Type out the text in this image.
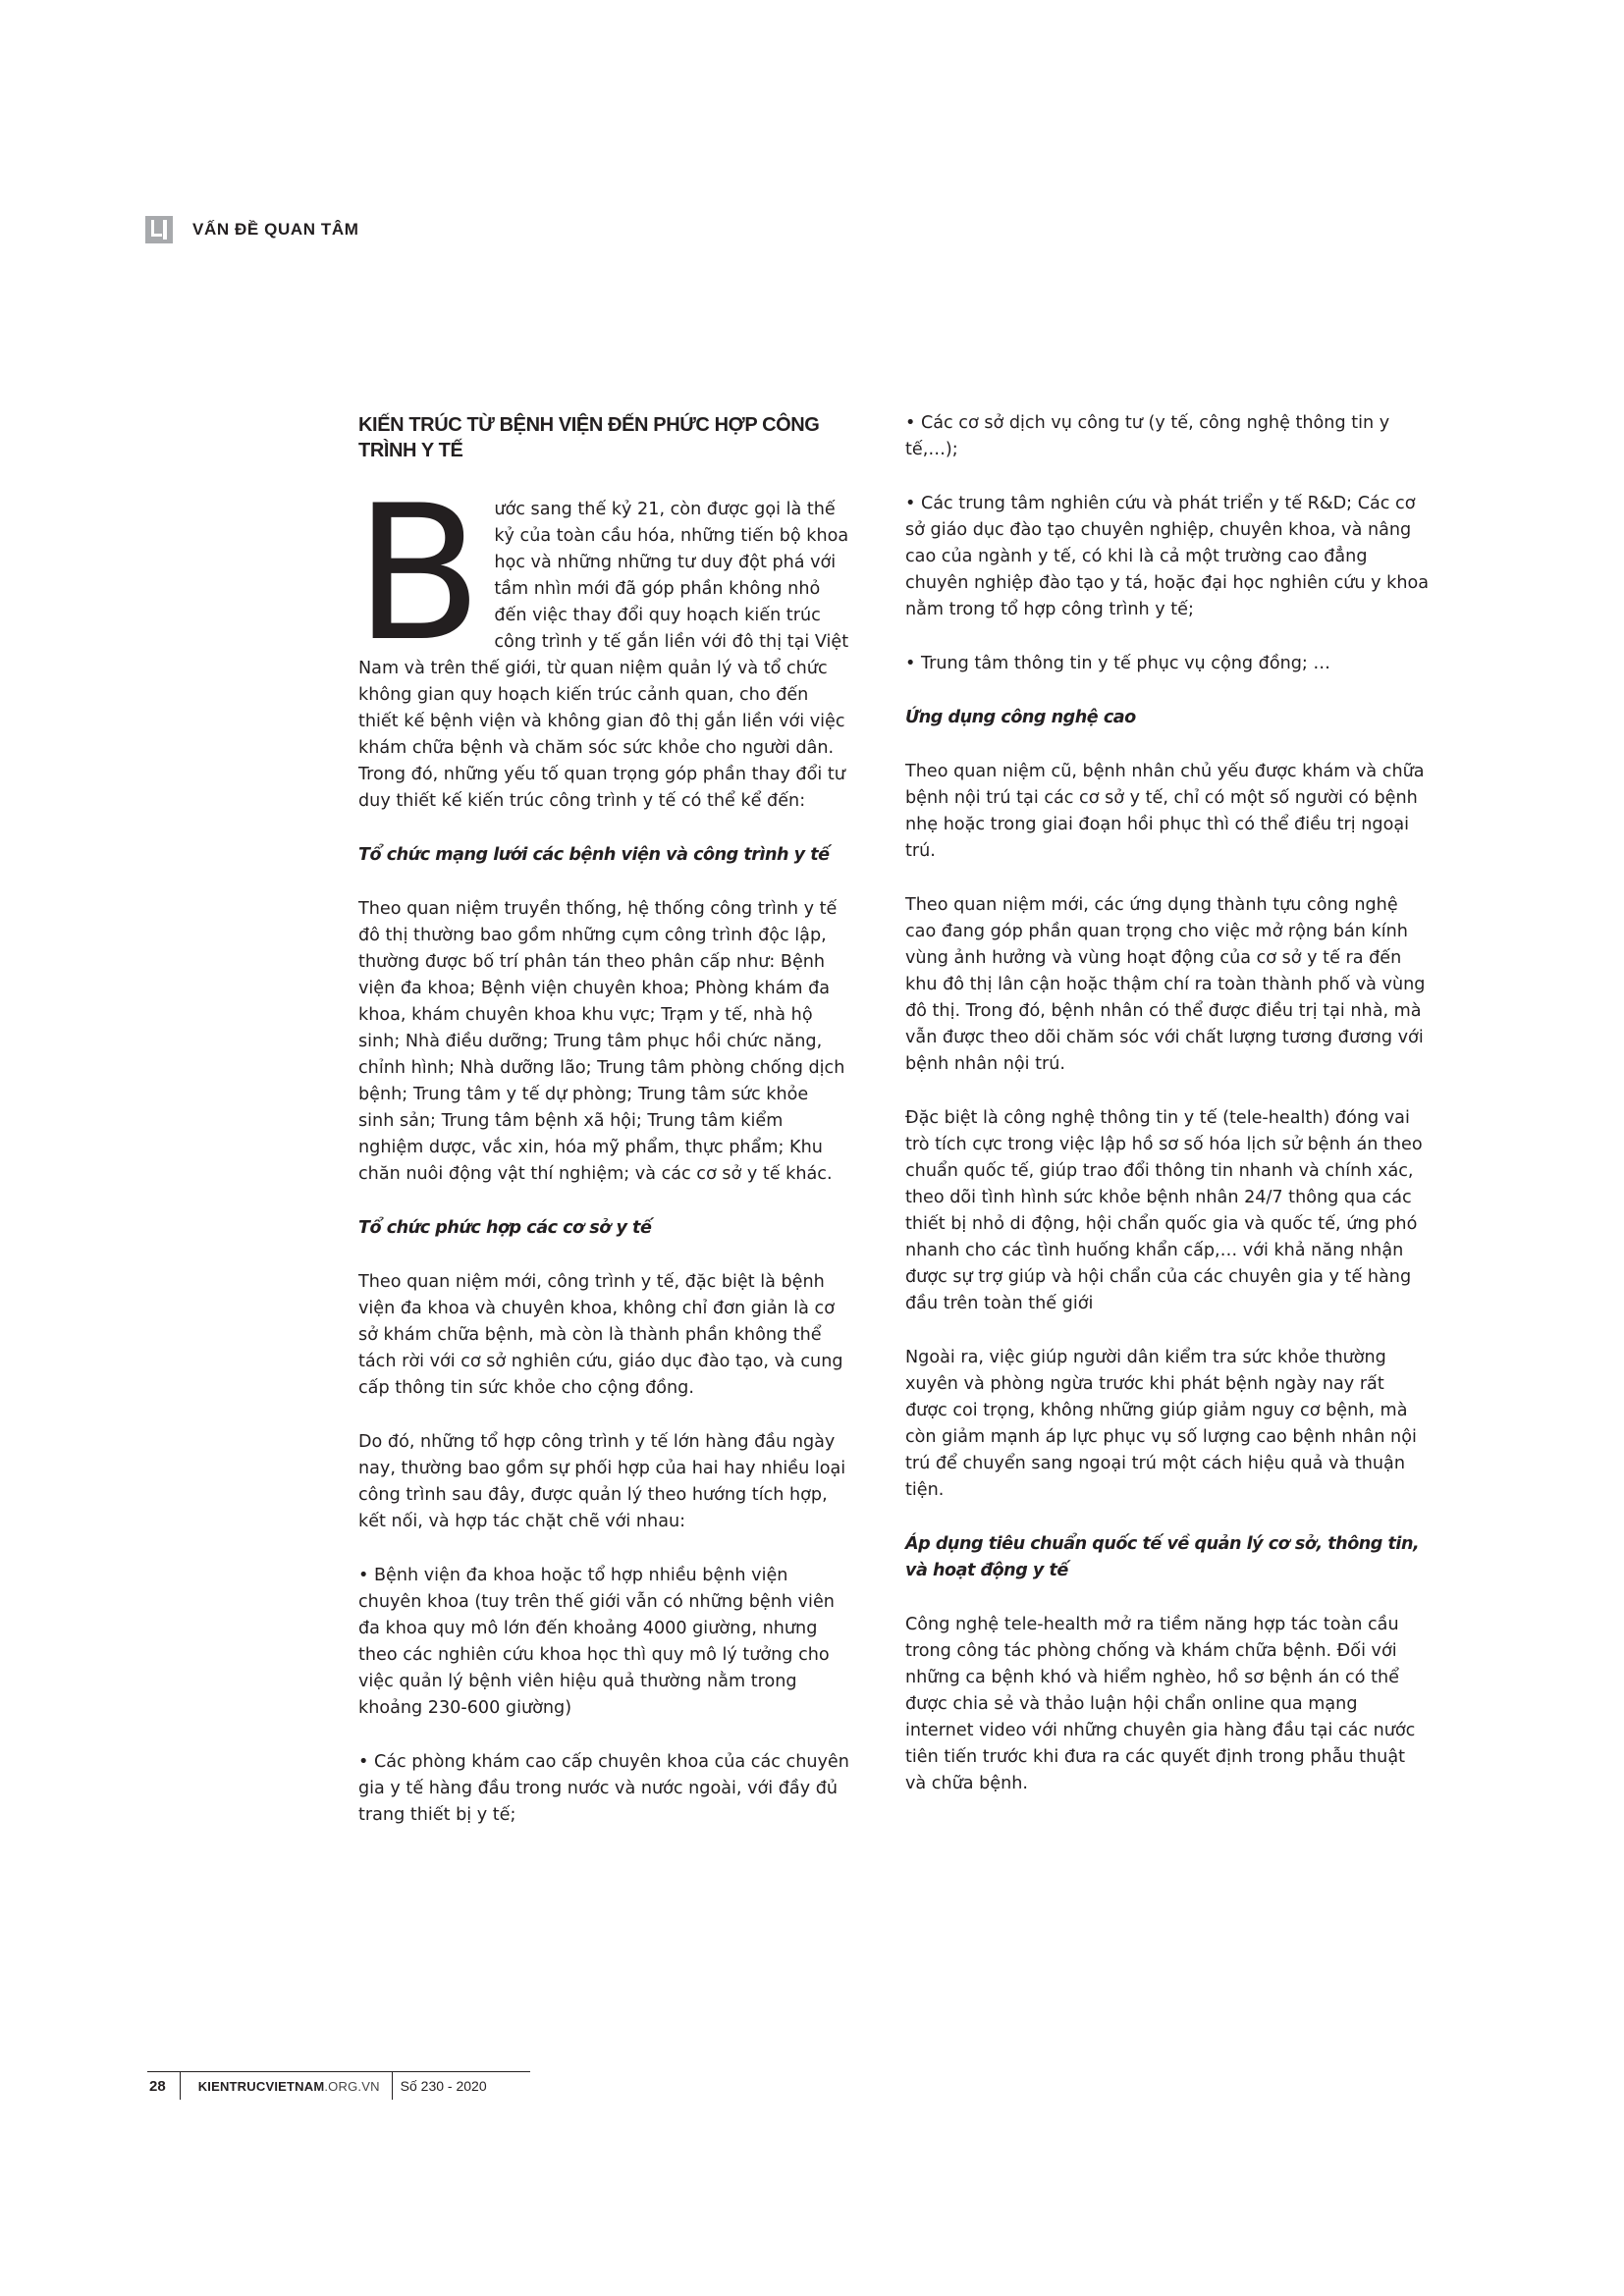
VẤN ĐỀ QUAN TÂM
KIẾN TRÚC TỪ BỆNH VIỆN ĐẾN PHỨC HỢP CÔNG TRÌNH Y TẾ

Bước sang thế kỷ 21, còn được gọi là thế kỷ của toàn cầu hóa, những tiến bộ khoa học và những những tư duy đột phá với tầm nhìn mới đã góp phần không nhỏ đến việc thay đổi quy hoạch kiến trúc công trình y tế gắn liền với đô thị tại Việt Nam và trên thế giới, từ quan niệm quản lý và tổ chức không gian quy hoạch kiến trúc cảnh quan, cho đến thiết kế bệnh viện và không gian đô thị gắn liền với việc khám chữa bệnh và chăm sóc sức khỏe cho người dân. Trong đó, những yếu tố quan trọng góp phần thay đổi tư duy thiết kế kiến trúc công trình y tế có thể kể đến:

Tổ chức mạng lưới các bệnh viện và công trình y tế

Theo quan niệm truyền thống, hệ thống công trình y tế đô thị thường bao gồm những cụm công trình độc lập, thường được bố trí phân tán theo phân cấp như: Bệnh viện đa khoa; Bệnh viện chuyên khoa; Phòng khám đa khoa, khám chuyên khoa khu vực; Trạm y tế, nhà hộ sinh; Nhà điều dưỡng; Trung tâm phục hồi chức năng, chỉnh hình; Nhà dưỡng lão; Trung tâm phòng chống dịch bệnh; Trung tâm y tế dự phòng; Trung tâm sức khỏe sinh sản; Trung tâm bệnh xã hội; Trung tâm kiểm nghiệm dược, vắc xin, hóa mỹ phẩm, thực phẩm; Khu chăn nuôi động vật thí nghiệm; và các cơ sở y tế khác.

Tổ chức phức hợp các cơ sở y tế

Theo quan niệm mới, công trình y tế, đặc biệt là bệnh viện đa khoa và chuyên khoa, không chỉ đơn giản là cơ sở khám chữa bệnh, mà còn là thành phần không thể tách rời với cơ sở nghiên cứu, giáo dục đào tạo, và cung cấp thông tin sức khỏe cho cộng đồng.

Do đó, những tổ hợp công trình y tế lớn hàng đầu ngày nay, thường bao gồm sự phối hợp của hai hay nhiều loại công trình sau đây, được quản lý theo hướng tích hợp, kết nối, và hợp tác chặt chẽ với nhau:

• Bệnh viện đa khoa hoặc tổ hợp nhiều bệnh viện chuyên khoa (tuy trên thế giới vẫn có những bệnh viên đa khoa quy mô lớn đến khoảng 4000 giường, nhưng theo các nghiên cứu khoa học thì quy mô lý tưởng cho việc quản lý bệnh viên hiệu quả thường nằm trong khoảng 230-600 giường)

• Các phòng khám cao cấp chuyên khoa của các chuyên gia y tế hàng đầu trong nước và nước ngoài, với đầy đủ trang thiết bị y tế;

• Các cơ sở dịch vụ công tư (y tế, công nghệ thông tin y tế,…);

• Các trung tâm nghiên cứu và phát triển y tế R&D; Các cơ sở giáo dục đào tạo chuyên nghiệp, chuyên khoa, và nâng cao của ngành y tế, có khi là cả một trường cao đẳng chuyên nghiệp đào tạo y tá, hoặc đại học nghiên cứu y khoa nằm trong tổ hợp công trình y tế;

• Trung tâm thông tin y tế phục vụ cộng đồng; …

Ứng dụng công nghệ cao

Theo quan niệm cũ, bệnh nhân chủ yếu được khám và chữa bệnh nội trú tại các cơ sở y tế, chỉ có một số người có bệnh nhẹ hoặc trong giai đoạn hồi phục thì có thể điều trị ngoại trú.

Theo quan niệm mới, các ứng dụng thành tựu công nghệ cao đang góp phần quan trọng cho việc mở rộng bán kính vùng ảnh hưởng và vùng hoạt động của cơ sở y tế ra đến khu đô thị lân cận hoặc thậm chí ra toàn thành phố và vùng đô thị. Trong đó, bệnh nhân có thể được điều trị tại nhà, mà vẫn được theo dõi chăm sóc với chất lượng tương đương với bệnh nhân nội trú.

Đặc biệt là công nghệ thông tin y tế (tele-health) đóng vai trò tích cực trong việc lập hồ sơ số hóa lịch sử bệnh án theo chuẩn quốc tế, giúp trao đổi thông tin nhanh và chính xác, theo dõi tình hình sức khỏe bệnh nhân 24/7 thông qua các thiết bị nhỏ di động, hội chẩn quốc gia và quốc tế, ứng phó nhanh cho các tình huống khẩn cấp,… với khả năng nhận được sự trợ giúp và hội chẩn của các chuyên gia y tế hàng đầu trên toàn thế giới

Ngoài ra, việc giúp người dân kiểm tra sức khỏe thường xuyên và phòng ngừa trước khi phát bệnh ngày nay rất được coi trọng, không những giúp giảm nguy cơ bệnh, mà còn giảm mạnh áp lực phục vụ số lượng cao bệnh nhân nội trú để chuyển sang ngoại trú một cách hiệu quả và thuận tiện.

Áp dụng tiêu chuẩn quốc tế về quản lý cơ sở, thông tin, và hoạt động y tế

Công nghệ tele-health mở ra tiềm năng hợp tác toàn cầu trong công tác phòng chống và khám chữa bệnh. Đối với những ca bệnh khó và hiểm nghèo, hồ sơ bệnh án có thể được chia sẻ và thảo luận hội chẩn online qua mạng internet video với những chuyên gia hàng đầu tại các nước tiên tiến trước khi đưa ra các quyết định trong phẫu thuật và chữa bệnh.

28	KIENTRUCVIETNAM.ORG.VN	Số 230 - 2020
